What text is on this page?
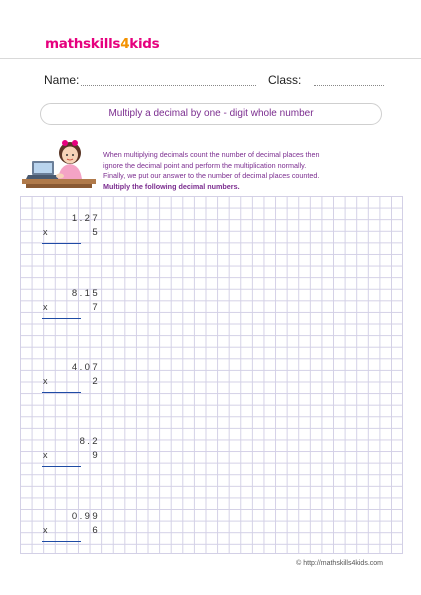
mathskills4kids
Name:	Class:
Multiply a decimal by one - digit whole number

When multiplying decimals count the number of decimal places then

ignore the decimal point and perform the multiplication normally.

Finally, we put our answer to the number of decimal places counted.

Multiply the following decimal numbers.

1.27
x	5
8.15
x	7
4.07
x	2
8.2
x	9
0.99
x	6
© http://mathskills4kids.com
